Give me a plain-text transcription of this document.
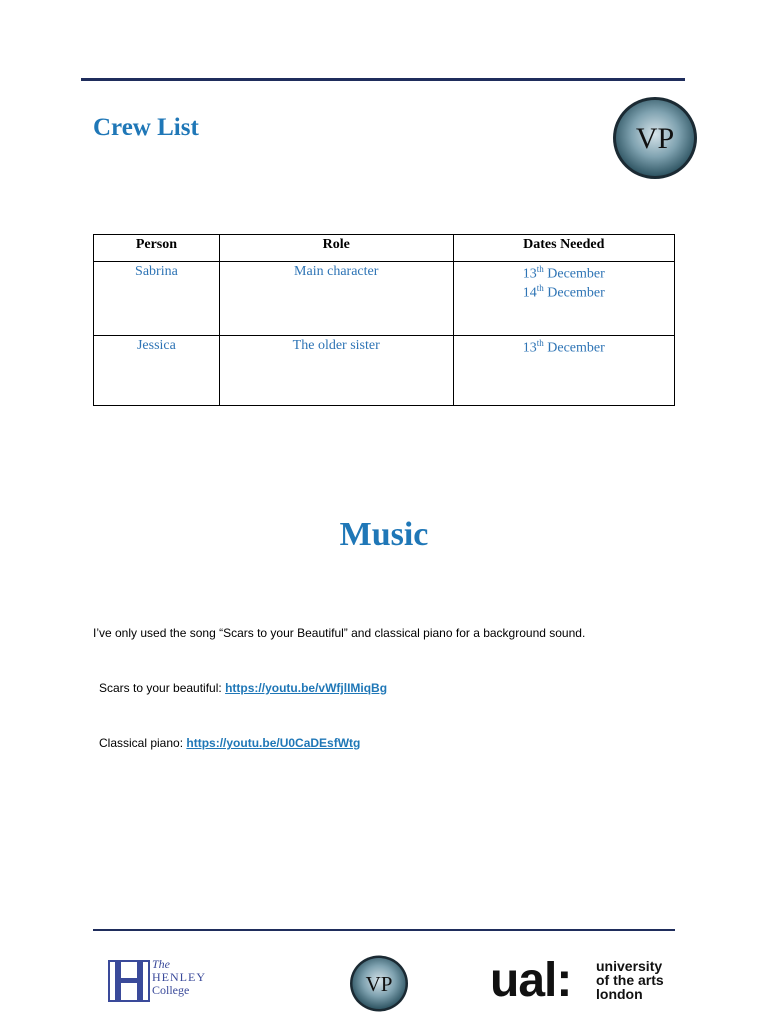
Crew List	VP
Person	Role	Dates Needed
Sabrina	Main character	13th December
14th December

Jessica	The older sister	13th December
Music
I’ve only used the song “Scars to your Beautiful” and classical piano for a background sound.
Scars to your beautiful: https://youtu.be/vWfjlIMiqBg
Classical piano: https://youtu.be/U0CaDEsfWtg
The
HENLEY
College	VP ual: university
of the arts
london
